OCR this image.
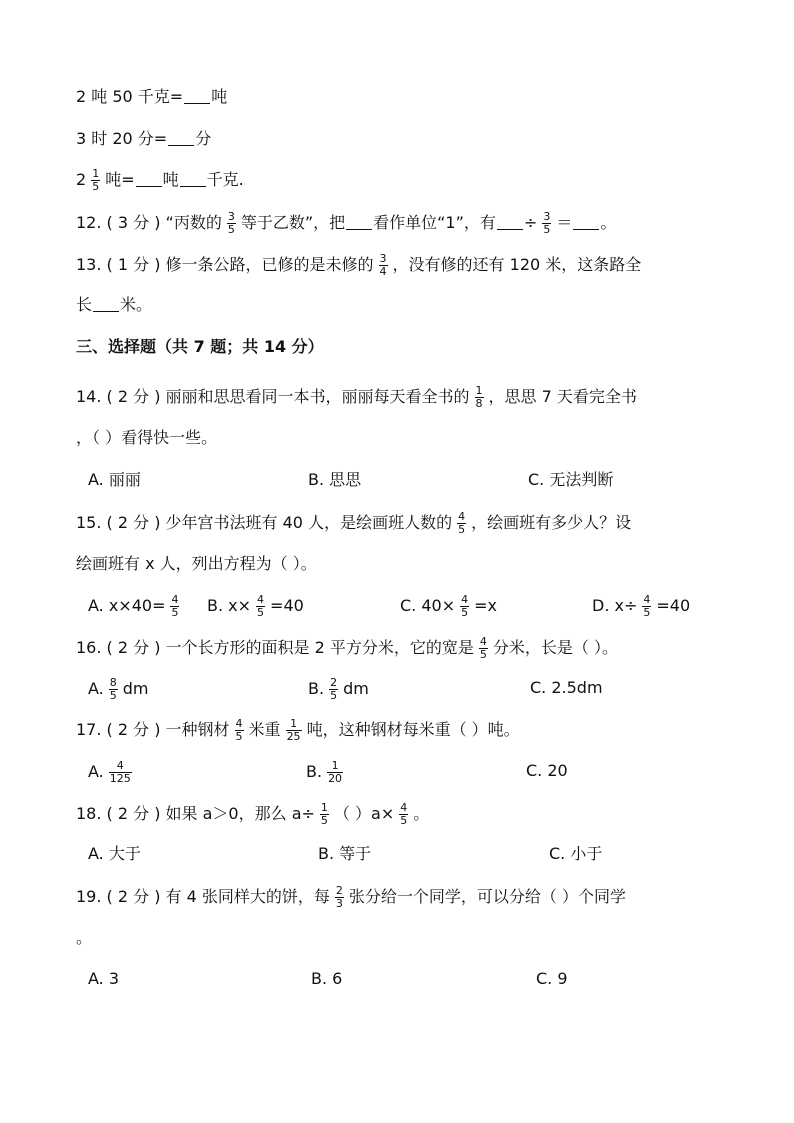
2 吨 50 千克= 吨
3 时 20 分= 分
$2 \frac{1}{5}$ 吨= 吨 千克.
12. ( 3 分 ) “丙数的 $\frac{3}{5}$ 等于乙数”，把 看作单位“1”，有 ÷ $\frac{3}{5}$ ＝ 。
13. ( 1 分 ) 修一条公路，已修的是未修的 $\frac{3}{4}$ ，没有修的还有 120 米，这条路全
长 米。
三、选择题（共 7 题；共 14 分）
14. ( 2 分 ) 丽丽和思思看同一本书，丽丽每天看全书的 $\frac{1}{8}$ ，思思 7 天看完全书
，（ ）看得快一些。
A. 丽丽	B. 思思	C. 无法判断
15. ( 2 分 ) 少年宫书法班有 40 人，是绘画班人数的 $\frac{4}{5}$ ，绘画班有多少人？设
绘画班有 x 人，列出方程为（ ）。
A. $x\times 40= \frac{4}{5} B$. $x\times \frac{4}{5} =40$	C. $40\times \frac{4}{5} =x$	D. $x\div \frac{4}{5} =40$
16. ( 2 分 ) 一个长方形的面积是 2 平方分米，它的宽是 $\frac{4}{5}$ 分米，长是（ ）。
A. $\frac{8}{5}$ dm	B. $\frac{2}{5}$ dm	C. 2.5dm
17. ( 2 分 ) 一种钢材 $\frac{4}{5}$ 米重 $\frac{1}{25}$ 吨，这种钢材每米重（ ）吨。
A. $\frac{4}{125}$	B. $\frac{1}{20}$	C. 20
18. ( 2 分 ) 如果 a＞0，那么 $a\div \frac{1}{5}$ （ ）$a\times \frac{4}{5}$ 。
A. 大于	B. 等于	C. 小于
19. ( 2 分 ) 有 4 张同样大的饼，每 $\frac{2}{3}$ 张分给一个同学，可以分给（ ）个同学
。
A. 3	B. 6	C. 9
